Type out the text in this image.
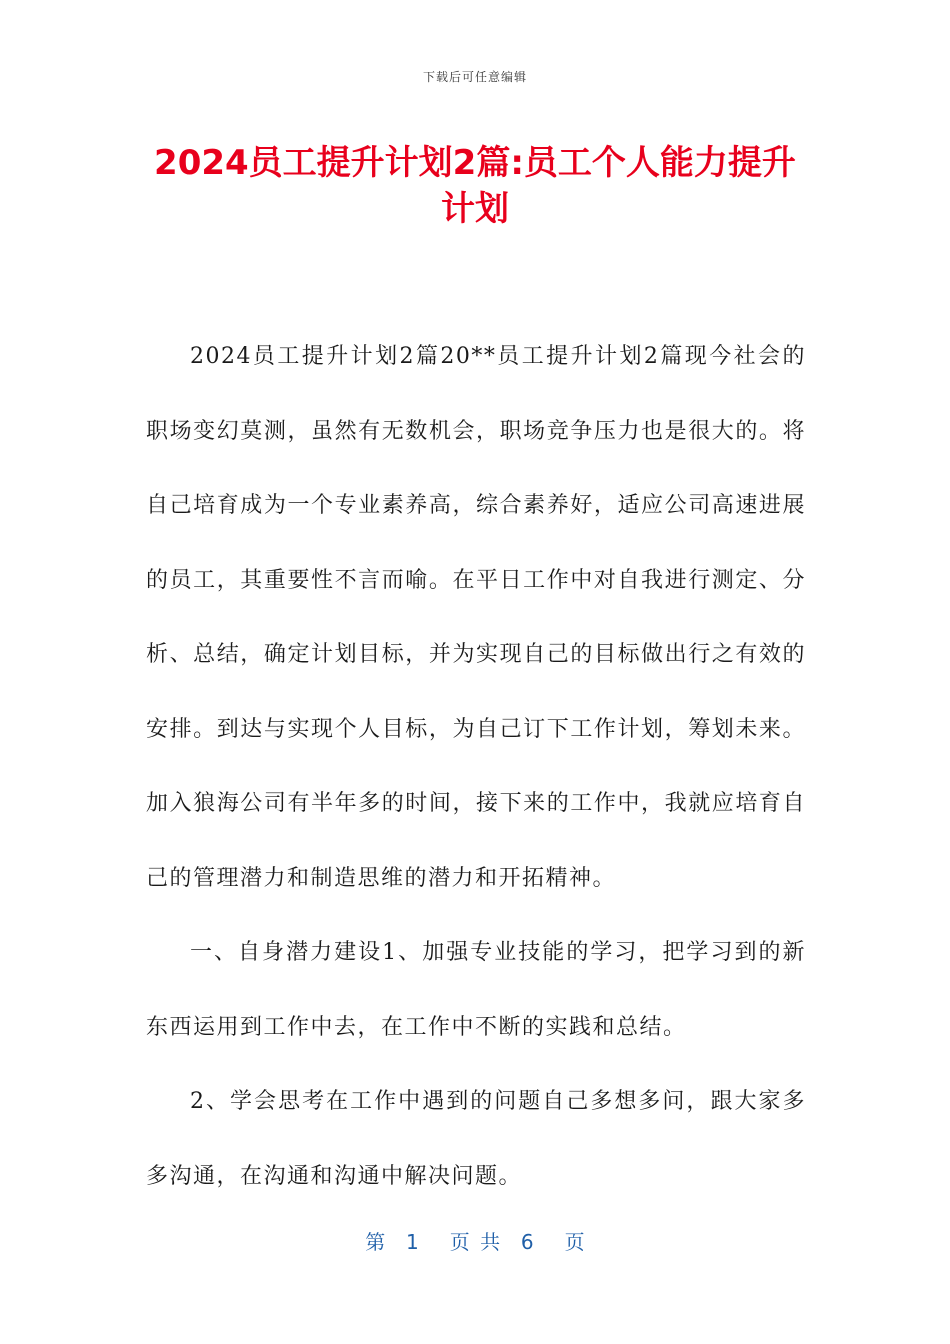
下载后可任意编辑
2024员工提升计划2篇:员工个人能力提升计划

2024员工提升计划2篇20**员工提升计划2篇现今社会的职场变幻莫测，虽然有无数机会，职场竞争压力也是很大的。将自己培育成为一个专业素养高，综合素养好，适应公司高速进展的员工，其重要性不言而喻。在平日工作中对自我进行测定、分析、总结，确定计划目标，并为实现自己的目标做出行之有效的安排。到达与实现个人目标，为自己订下工作计划，筹划未来。加入狼海公司有半年多的时间，接下来的工作中，我就应培育自己的管理潜力和制造思维的潜力和开拓精神。

一、自身潜力建设1、加强专业技能的学习，把学习到的新东西运用到工作中去，在工作中不断的实践和总结。

2、学会思考在工作中遇到的问题自己多想多问，跟大家多多沟通，在沟通和沟通中解决问题。

第  1   页 共  6   页
